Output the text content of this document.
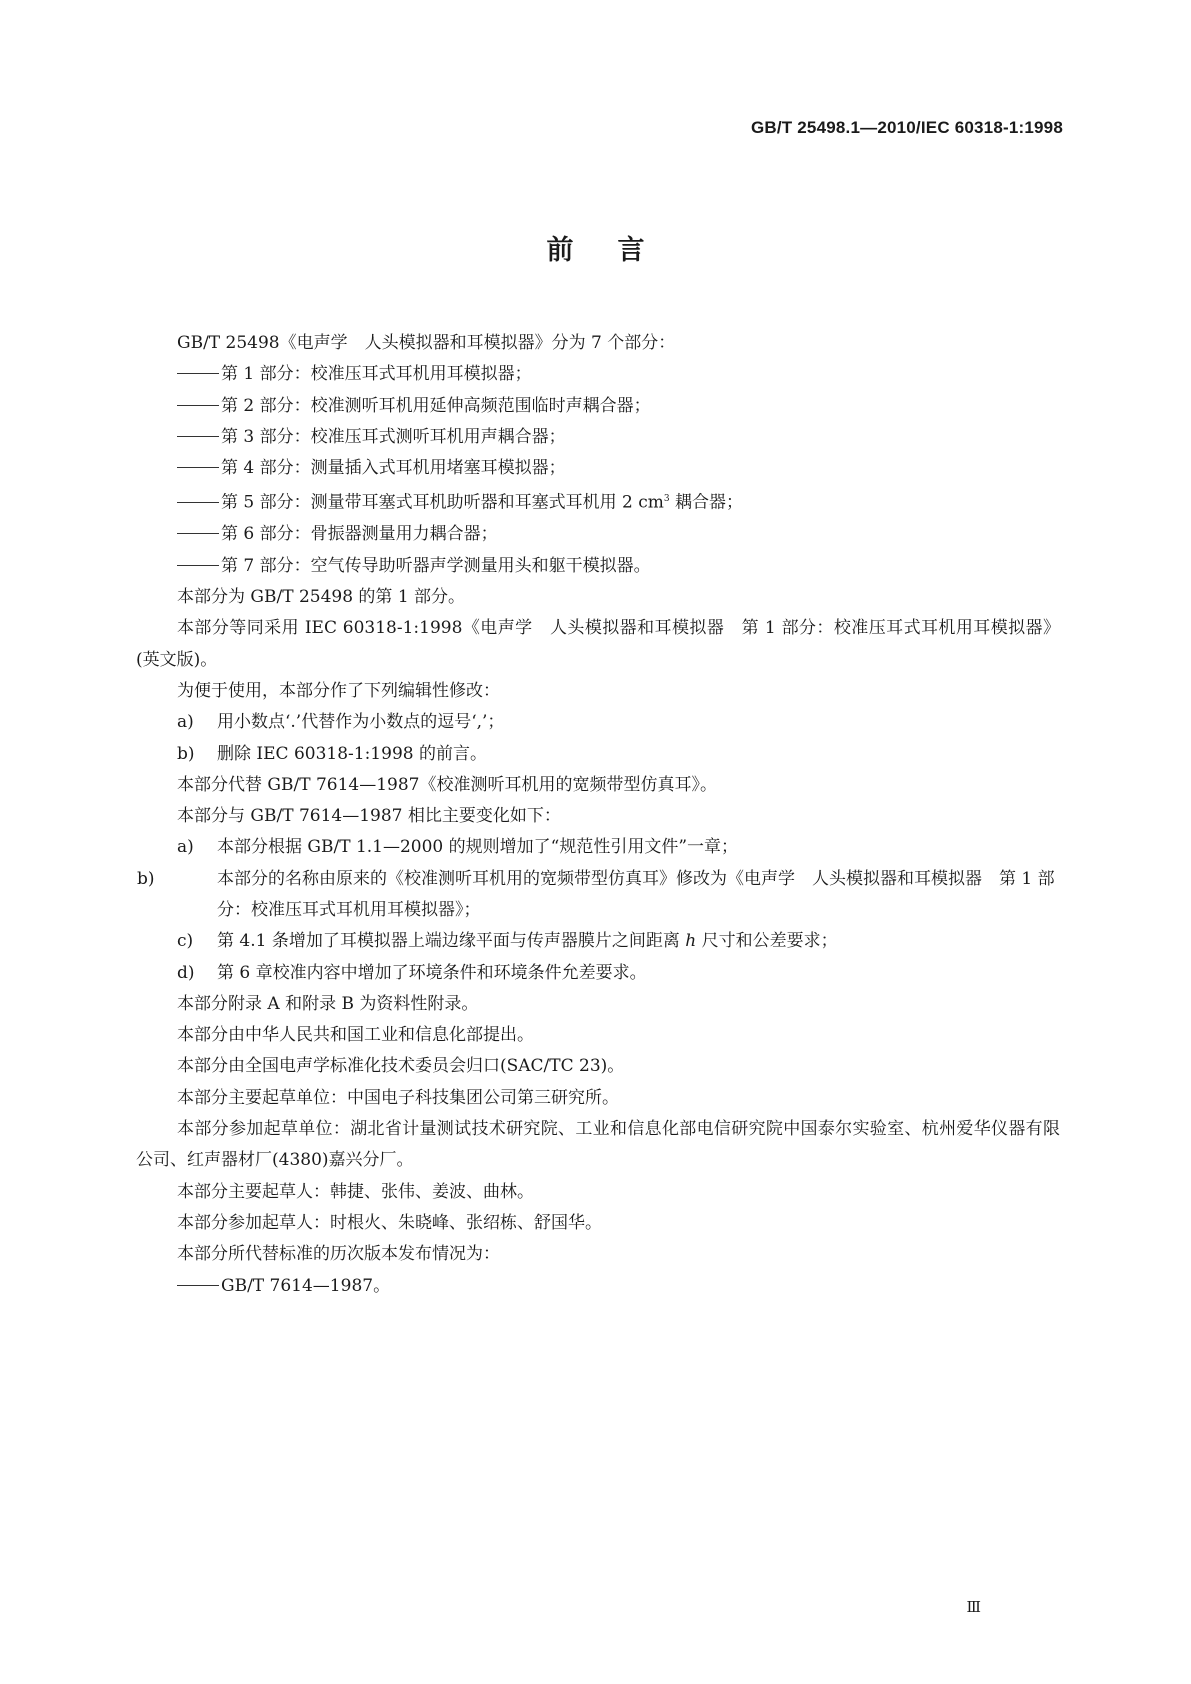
GB/T 25498.1—2010/IEC 60318-1:1998
前言

GB/T 25498《电声学　人头模拟器和耳模拟器》分为 7 个部分：

第 1 部分：校准压耳式耳机用耳模拟器；

第 2 部分：校准测听耳机用延伸高频范围临时声耦合器；

第 3 部分：校准压耳式测听耳机用声耦合器；

第 4 部分：测量插入式耳机用堵塞耳模拟器；

第 5 部分：测量带耳塞式耳机助听器和耳塞式耳机用 2 $cm^3$ 耦合器；

第 6 部分：骨振器测量用力耦合器；

第 7 部分：空气传导助听器声学测量用头和躯干模拟器。

本部分为 GB/T 25498 的第 1 部分。

本部分等同采用 IEC 60318-1:1998《电声学　人头模拟器和耳模拟器　第 1 部分：校准压耳式耳机用耳模拟器》(英文版)。

为便于使用，本部分作了下列编辑性修改：

a) 用小数点‘.’代替作为小数点的逗号‘,’；

b) 删除 IEC 60318-1:1998 的前言。

本部分代替 GB/T 7614—1987《校准测听耳机用的宽频带型仿真耳》。

本部分与 GB/T 7614—1987 相比主要变化如下：

a) 本部分根据 GB/T 1.1—2000 的规则增加了“规范性引用文件”一章；

b)	本部分的名称由原来的《校准测听耳机用的宽频带型仿真耳》修改为《电声学　人头模拟器和耳模拟器　第 1 部分：校准压耳式耳机用耳模拟器》；

c) 第 4.1 条增加了耳模拟器上端边缘平面与传声器膜片之间距离 h 尺寸和公差要求；

d) 第 6 章校准内容中增加了环境条件和环境条件允差要求。

本部分附录 A 和附录 B 为资料性附录。

本部分由中华人民共和国工业和信息化部提出。

本部分由全国电声学标准化技术委员会归口(SAC/TC 23)。

本部分主要起草单位：中国电子科技集团公司第三研究所。

本部分参加起草单位：湖北省计量测试技术研究院、工业和信息化部电信研究院中国泰尔实验室、杭州爱华仪器有限公司、红声器材厂(4380)嘉兴分厂。

本部分主要起草人：韩捷、张伟、姜波、曲林。

本部分参加起草人：时根火、朱晓峰、张绍栋、舒国华。

本部分所代替标准的历次版本发布情况为：

GB/T 7614—1987。

Ⅲ
